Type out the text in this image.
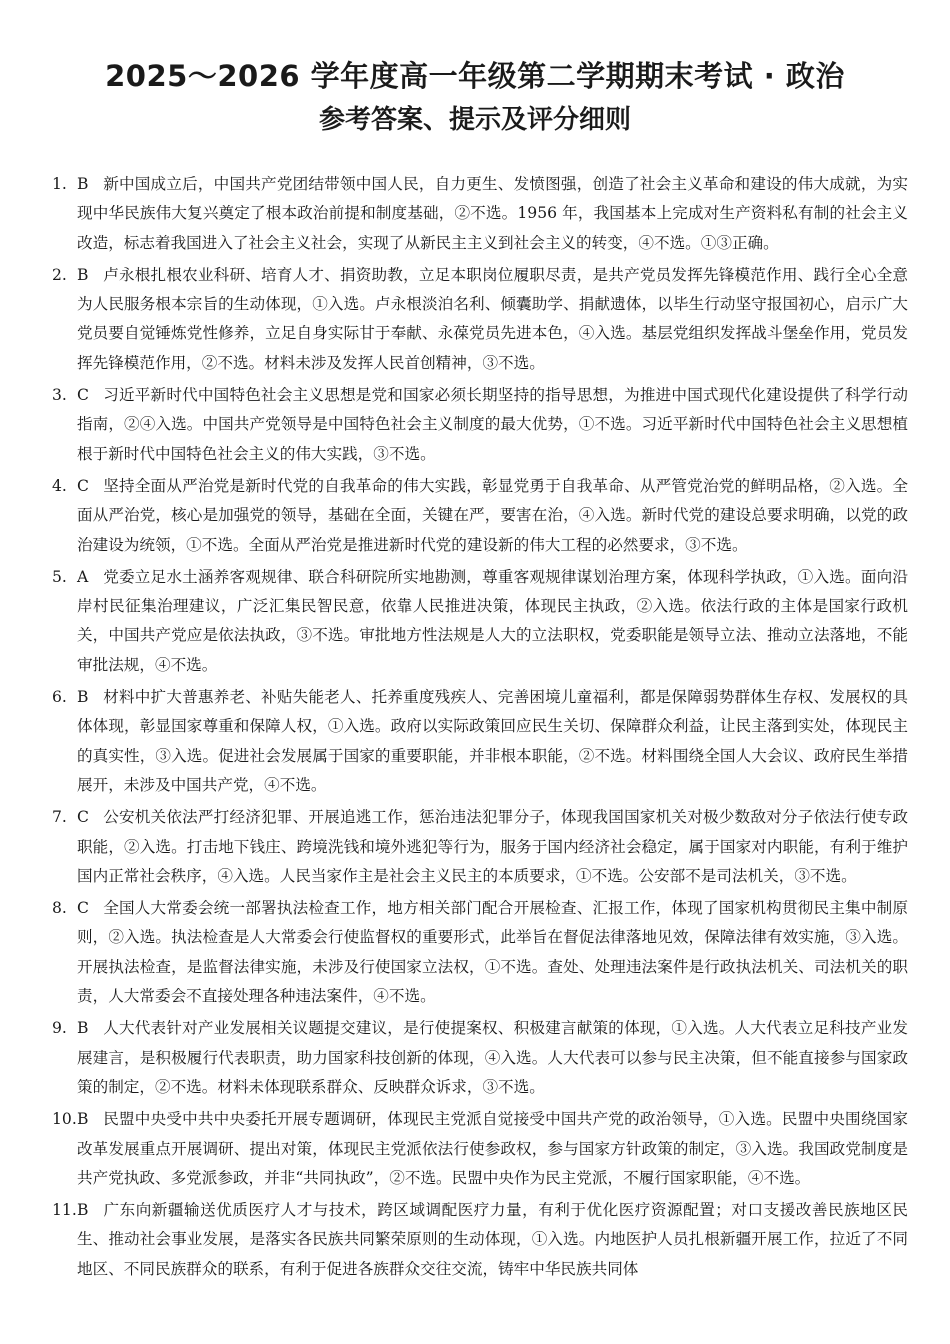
2025～2026 学年度高一年级第二学期期末考试 · 政治
参考答案、提示及评分细则

1. B 新中国成立后，中国共产党团结带领中国人民，自力更生、发愤图强，创造了社会主义革命和建设的伟大成就，为实现中华民族伟大复兴奠定了根本政治前提和制度基础，②不选。1956 年，我国基本上完成对生产资料私有制的社会主义改造，标志着我国进入了社会主义社会，实现了从新民主主义到社会主义的转变，④不选。①③正确。

2. B 卢永根扎根农业科研、培育人才、捐资助教，立足本职岗位履职尽责，是共产党员发挥先锋模范作用、践行全心全意为人民服务根本宗旨的生动体现，①入选。卢永根淡泊名利、倾囊助学、捐献遗体，以毕生行动坚守报国初心，启示广大党员要自觉锤炼党性修养，立足自身实际甘于奉献、永葆党员先进本色，④入选。基层党组织发挥战斗堡垒作用，党员发挥先锋模范作用，②不选。材料未涉及发挥人民首创精神，③不选。

3. C 习近平新时代中国特色社会主义思想是党和国家必须长期坚持的指导思想，为推进中国式现代化建设提供了科学行动指南，②④入选。中国共产党领导是中国特色社会主义制度的最大优势，①不选。习近平新时代中国特色社会主义思想植根于新时代中国特色社会主义的伟大实践，③不选。

4. C 坚持全面从严治党是新时代党的自我革命的伟大实践，彰显党勇于自我革命、从严管党治党的鲜明品格，②入选。全面从严治党，核心是加强党的领导，基础在全面，关键在严，要害在治，④入选。新时代党的建设总要求明确，以党的政治建设为统领，①不选。全面从严治党是推进新时代党的建设新的伟大工程的必然要求，③不选。

5. A 党委立足水土涵养客观规律、联合科研院所实地勘测，尊重客观规律谋划治理方案，体现科学执政，①入选。面向沿岸村民征集治理建议，广泛汇集民智民意，依靠人民推进决策，体现民主执政，②入选。依法行政的主体是国家行政机关，中国共产党应是依法执政，③不选。审批地方性法规是人大的立法职权，党委职能是领导立法、推动立法落地，不能审批法规，④不选。

6. B 材料中扩大普惠养老、补贴失能老人、托养重度残疾人、完善困境儿童福利，都是保障弱势群体生存权、发展权的具体体现，彰显国家尊重和保障人权，①入选。政府以实际政策回应民生关切、保障群众利益，让民主落到实处，体现民主的真实性，③入选。促进社会发展属于国家的重要职能，并非根本职能，②不选。材料围绕全国人大会议、政府民生举措展开，未涉及中国共产党，④不选。

7. C 公安机关依法严打经济犯罪、开展追逃工作，惩治违法犯罪分子，体现我国国家机关对极少数敌对分子依法行使专政职能，②入选。打击地下钱庄、跨境洗钱和境外逃犯等行为，服务于国内经济社会稳定，属于国家对内职能，有利于维护国内正常社会秩序，④入选。人民当家作主是社会主义民主的本质要求，①不选。公安部不是司法机关，③不选。

8. C 全国人大常委会统一部署执法检查工作，地方相关部门配合开展检查、汇报工作，体现了国家机构贯彻民主集中制原则，②入选。执法检查是人大常委会行使监督权的重要形式，此举旨在督促法律落地见效，保障法律有效实施，③入选。开展执法检查，是监督法律实施，未涉及行使国家立法权，①不选。查处、处理违法案件是行政执法机关、司法机关的职责，人大常委会不直接处理各种违法案件，④不选。

9. B 人大代表针对产业发展相关议题提交建议，是行使提案权、积极建言献策的体现，①入选。人大代表立足科技产业发展建言，是积极履行代表职责，助力国家科技创新的体现，④入选。人大代表可以参与民主决策，但不能直接参与国家政策的制定，②不选。材料未体现联系群众、反映群众诉求，③不选。

10.B 民盟中央受中共中央委托开展专题调研，体现民主党派自觉接受中国共产党的政治领导，①入选。民盟中央围绕国家改革发展重点开展调研、提出对策，体现民主党派依法行使参政权，参与国家方针政策的制定，③入选。我国政党制度是共产党执政、多党派参政，并非“共同执政”，②不选。民盟中央作为民主党派，不履行国家职能，④不选。

11.B 广东向新疆输送优质医疗人才与技术，跨区域调配医疗力量，有利于优化医疗资源配置；对口支援改善民族地区民生、推动社会事业发展，是落实各民族共同繁荣原则的生动体现，①入选。内地医护人员扎根新疆开展工作，拉近了不同地区、不同民族群众的联系，有利于促进各族群众交往交流，铸牢中华民族共同体
